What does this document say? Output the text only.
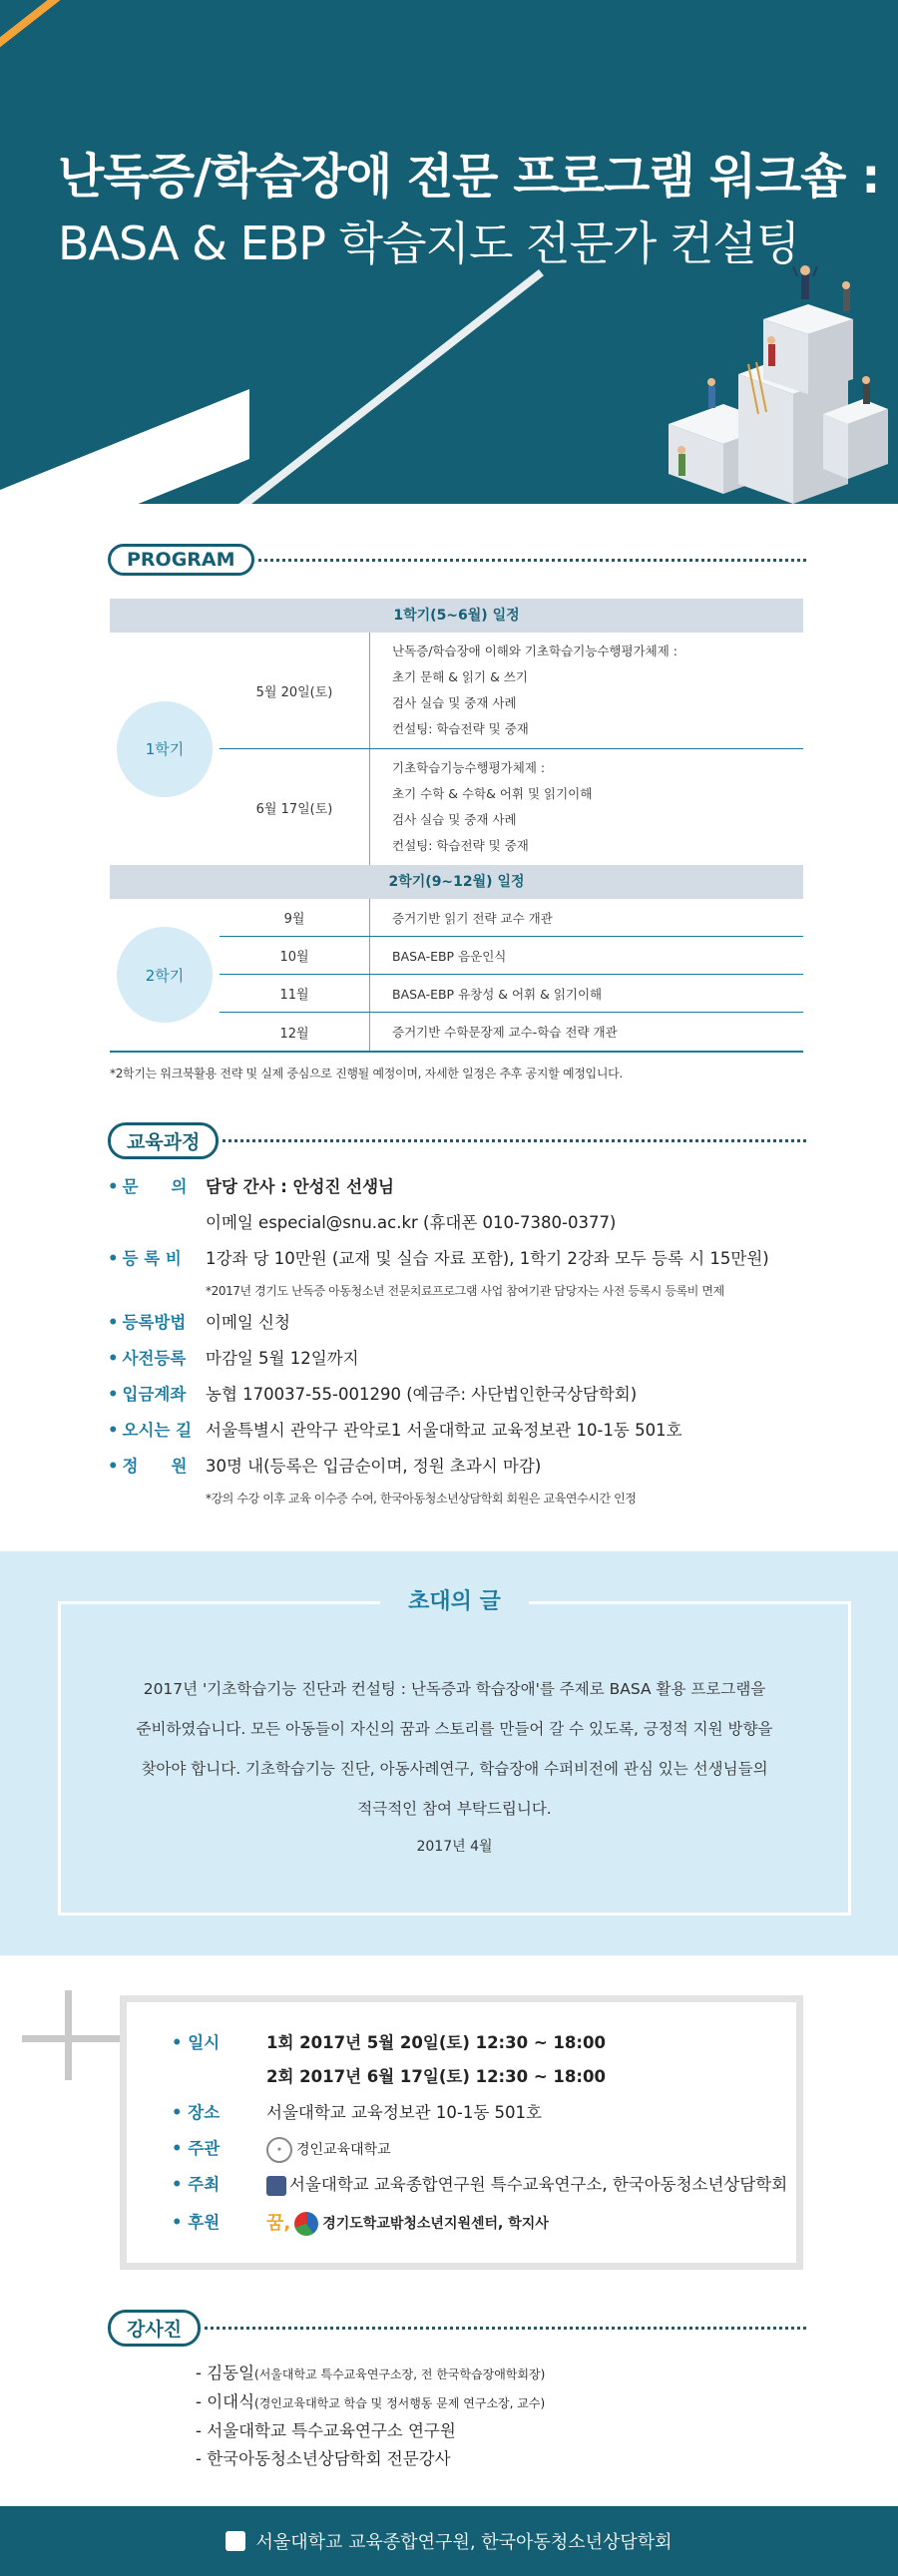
난독증/학습장애 전문 프로그램 워크숍 :
BASA & EBP 학습지도 전문가 컨설팅
PROGRAM
1학기(5~6월) 일정
1학기
5월 20일(토)
난독증/학습장애 이해와 기초학습기능수행평가체제 :
초기 문해 & 읽기 & 쓰기
검사 실습 및 중재 사례
컨설팅: 학습전략 및 중재
6월 17일(토)
기초학습기능수행평가체제 :
초기 수학 & 수학& 어휘 및 읽기이해
검사 실습 및 중재 사례
컨설팅: 학습전략 및 중재
2학기(9~12월) 일정
2학기
9월	증거기반 읽기 전략 교수 개관
10월	BASA-EBP 음운인식
11월	BASA-EBP 유창성 & 어휘 & 읽기이해
12월	증거기반 수학문장제 교수-학습 전략 개관
*2학기는 워크북활용 전략 및 실제 중심으로 진행될 예정이며, 자세한 일정은 추후 공지할 예정입니다.
교육과정
• 문　　의	담당 간사 : 안성진 선생님
이메일 especial@snu.ac.kr (휴대폰 010-7380-0377)
• 등 록 비	1강좌 당 10만원 (교재 및 실습 자료 포함), 1학기 2강좌 모두 등록 시 15만원)
*2017년 경기도 난독증 아동청소년 전문치료프로그램 사업 참여기관 담당자는 사전 등록시 등록비 면제
• 등록방법	이메일 신청
• 사전등록	마감일 5월 12일까지
• 입금계좌	농협 170037-55-001290 (예금주: 사단법인한국상담학회)
• 오시는 길 서울특별시 관악구 관악로1 서울대학교 교육정보관 10-1동 501호
• 정　　원	30명 내(등록은 입금순이며, 정원 초과시 마감)
*강의 수강 이후 교육 이수증 수여, 한국아동청소년상담학회 회원은 교육연수시간 인정
초대의 글
2017년 '기초학습기능 진단과 컨설팅 : 난독증과 학습장애'를 주제로 BASA 활용 프로그램을
준비하였습니다. 모든 아동들이 자신의 꿈과 스토리를 만들어 갈 수 있도록, 긍정적 지원 방향을
찾아야 합니다. 기초학습기능 진단, 아동사례연구, 학습장애 수퍼비전에 관심 있는 선생님들의
적극적인 참여 부탁드립니다.
2017년 4월
• 일시	1회 2017년 5월 20일(토) 12:30 ~ 18:00
2회 2017년 6월 17일(토) 12:30 ~ 18:00
• 장소	서울대학교 교육정보관 10-1동 501호
• 주관	✦ 경인교육대학교
• 주최	서울대학교 교육종합연구원 특수교육연구소, 한국아동청소년상담학회
• 후원	꿈, 경기도학교밖청소년지원센터, 학지사
강사진
- 김동일(서울대학교 특수교육연구소장, 전 한국학습장애학회장)
- 이대식(경인교육대학교 학습 및 정서행동 문제 연구소장, 교수)
- 서울대학교 특수교육연구소 연구원
- 한국아동청소년상담학회 전문강사
서울대학교 교육종합연구원, 한국아동청소년상담학회
